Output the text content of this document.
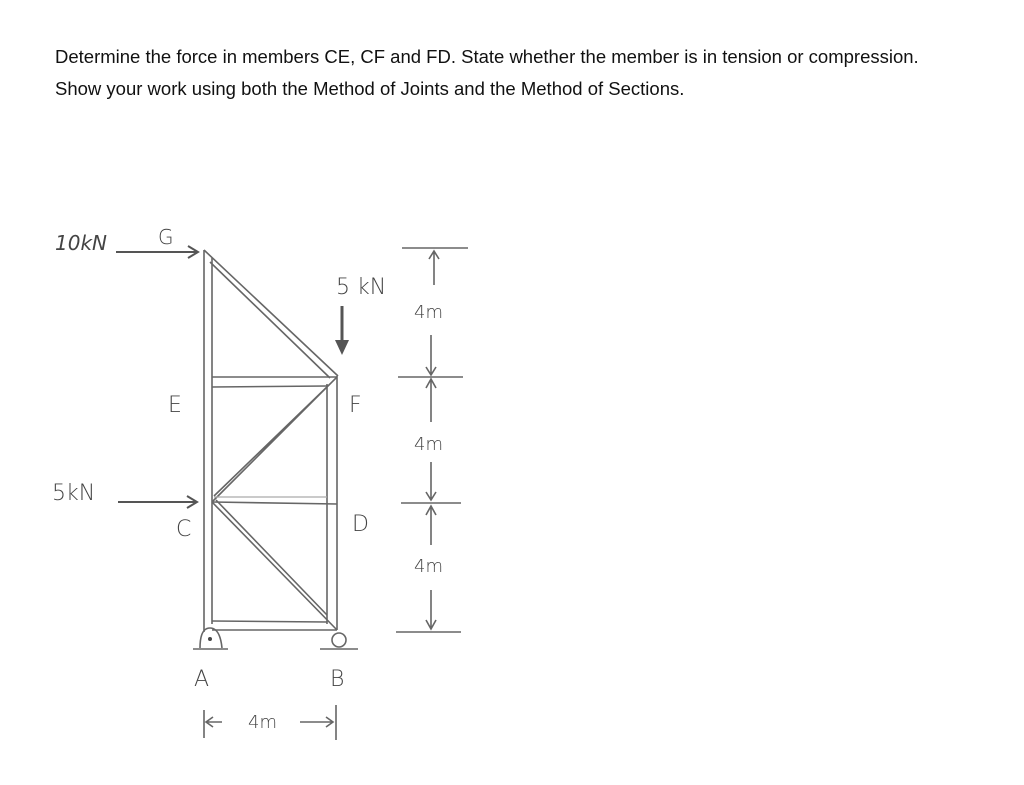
Determine the force in members CE, CF and FD. State whether the member is in tension or compression.
Show your work using both the Method of Joints and the Method of Sections.
E	F
C	D
A	B
G
10kN
5 kN
5kN
4m
4m
4m
4m
